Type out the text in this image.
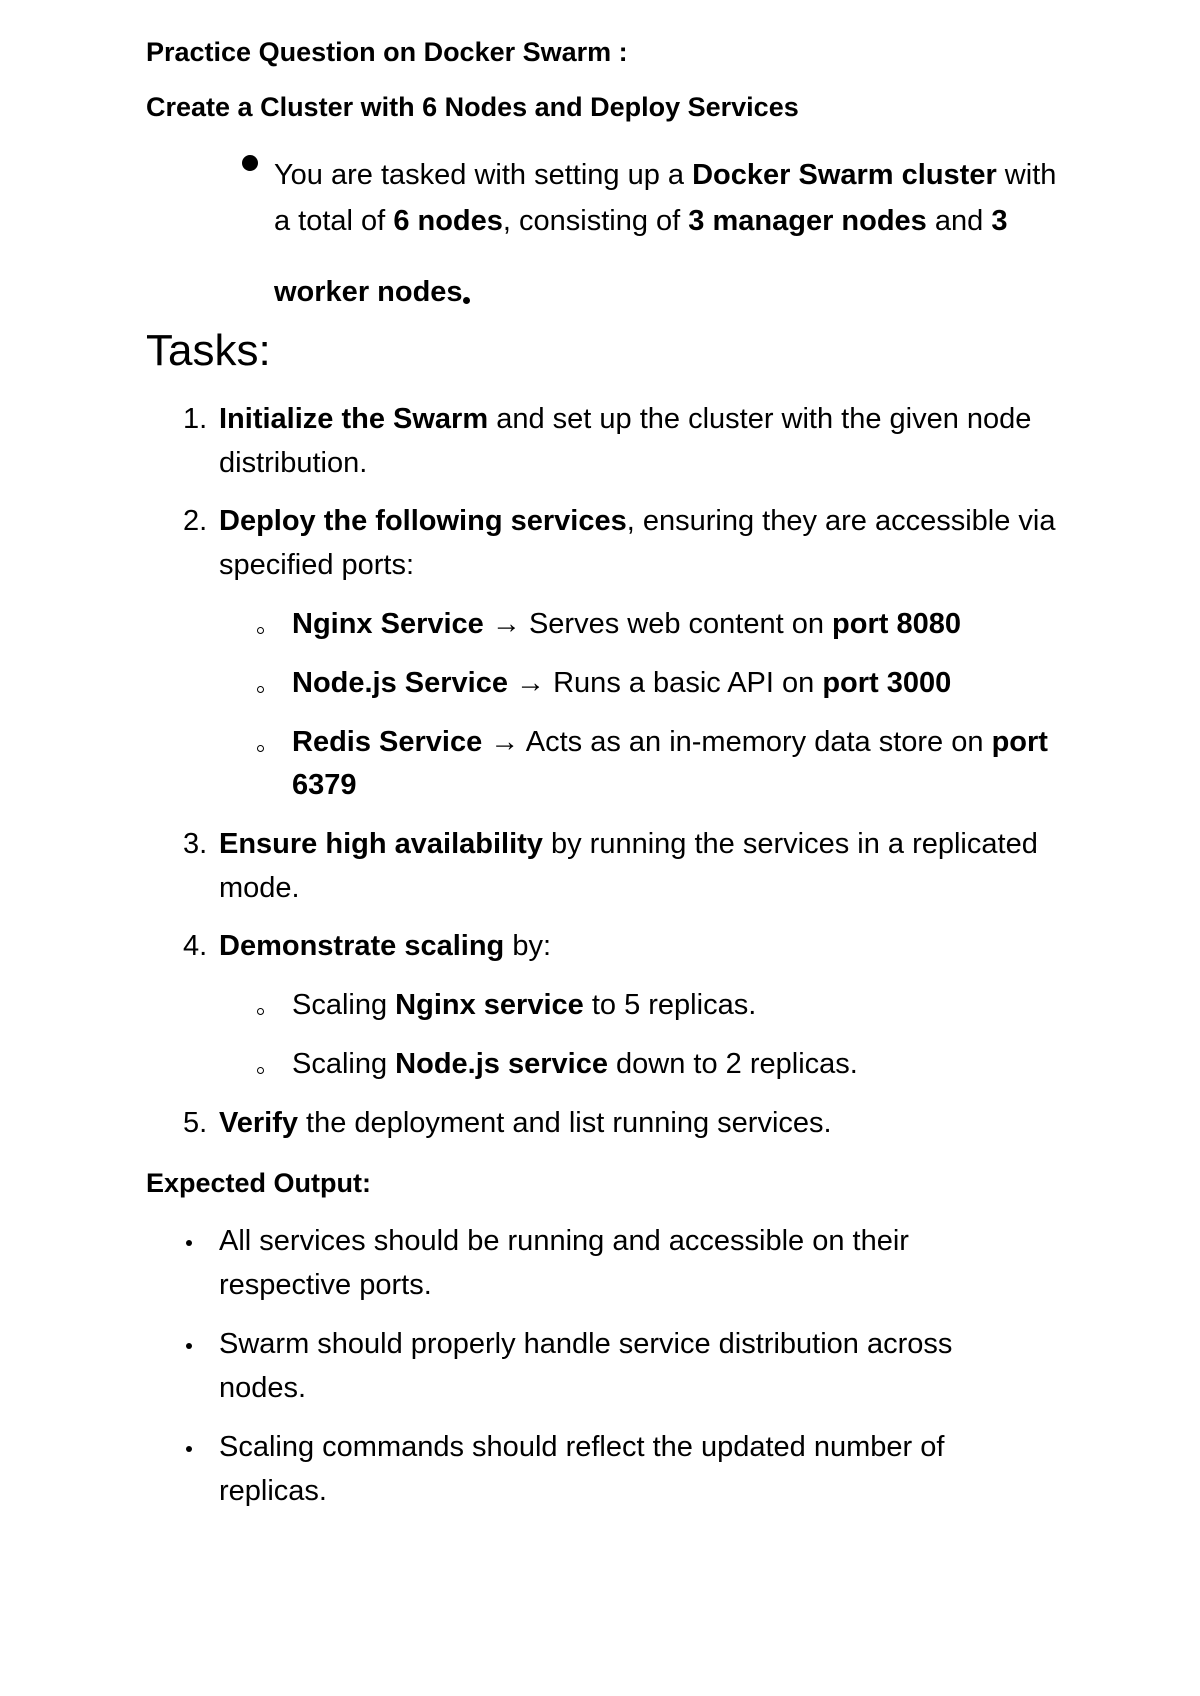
Practice Question on Docker Swarm :
Create a Cluster with 6 Nodes and Deploy Services
You are tasked with setting up a Docker Swarm cluster with
a total of 6 nodes, consisting of 3 manager nodes and 3
worker nodes
Tasks:
1. Initialize the Swarm and set up the cluster with the given node
distribution.
2. Deploy the following services, ensuring they are accessible via
specified ports:
Nginx Service → Serves web content on port 8080
Node.js Service → Runs a basic API on port 3000
Redis Service → Acts as an in-memory data store on port
6379
3. Ensure high availability by running the services in a replicated
mode.
4. Demonstrate scaling by:
Scaling Nginx service to 5 replicas.
Scaling Node.js service down to 2 replicas.
5. Verify the deployment and list running services.
Expected Output:
All services should be running and accessible on their
respective ports.
Swarm should properly handle service distribution across
nodes.
Scaling commands should reflect the updated number of
replicas.
